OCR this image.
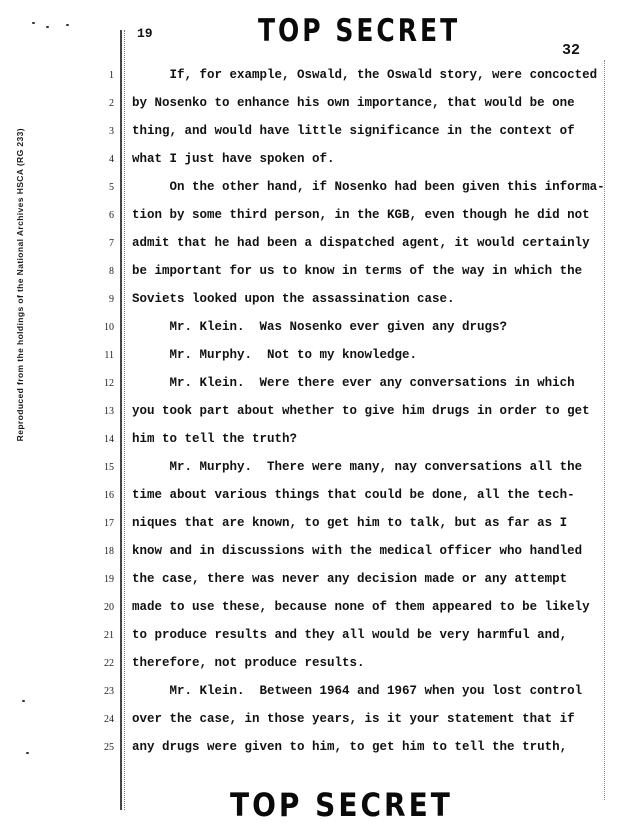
Reproduced from the holdings of the National Archives HSCA (RG 233)
19	TOP SECRET
32
1 If, for example, Oswald, the Oswald story, were concocted
2 by Nosenko to enhance his own importance, that would be one
3 thing, and would have little significance in the context of
4 what I just have spoken of.
5 On the other hand, if Nosenko had been given this informa-
6 tion by some third person, in the KGB, even though he did not
7 admit that he had been a dispatched agent, it would certainly
8 be important for us to know in terms of the way in which the
9 Soviets looked upon the assassination case.
10 Mr. Klein.  Was Nosenko ever given any drugs?
11 Mr. Murphy.  Not to my knowledge.
12 Mr. Klein.  Were there ever any conversations in which
13 you took part about whether to give him drugs in order to get
14 him to tell the truth?
15 Mr. Murphy.  There were many, nay conversations all the
16 time about various things that could be done, all the tech-
17 niques that are known, to get him to talk, but as far as I
18 know and in discussions with the medical officer who handled
19 the case, there was never any decision made or any attempt
20 made to use these, because none of them appeared to be likely
21 to produce results and they all would be very harmful and,
22 therefore, not produce results.
23 Mr. Klein.  Between 1964 and 1967 when you lost control
24 over the case, in those years, is it your statement that if
25 any drugs were given to him, to get him to tell the truth,
TOP SECRET
